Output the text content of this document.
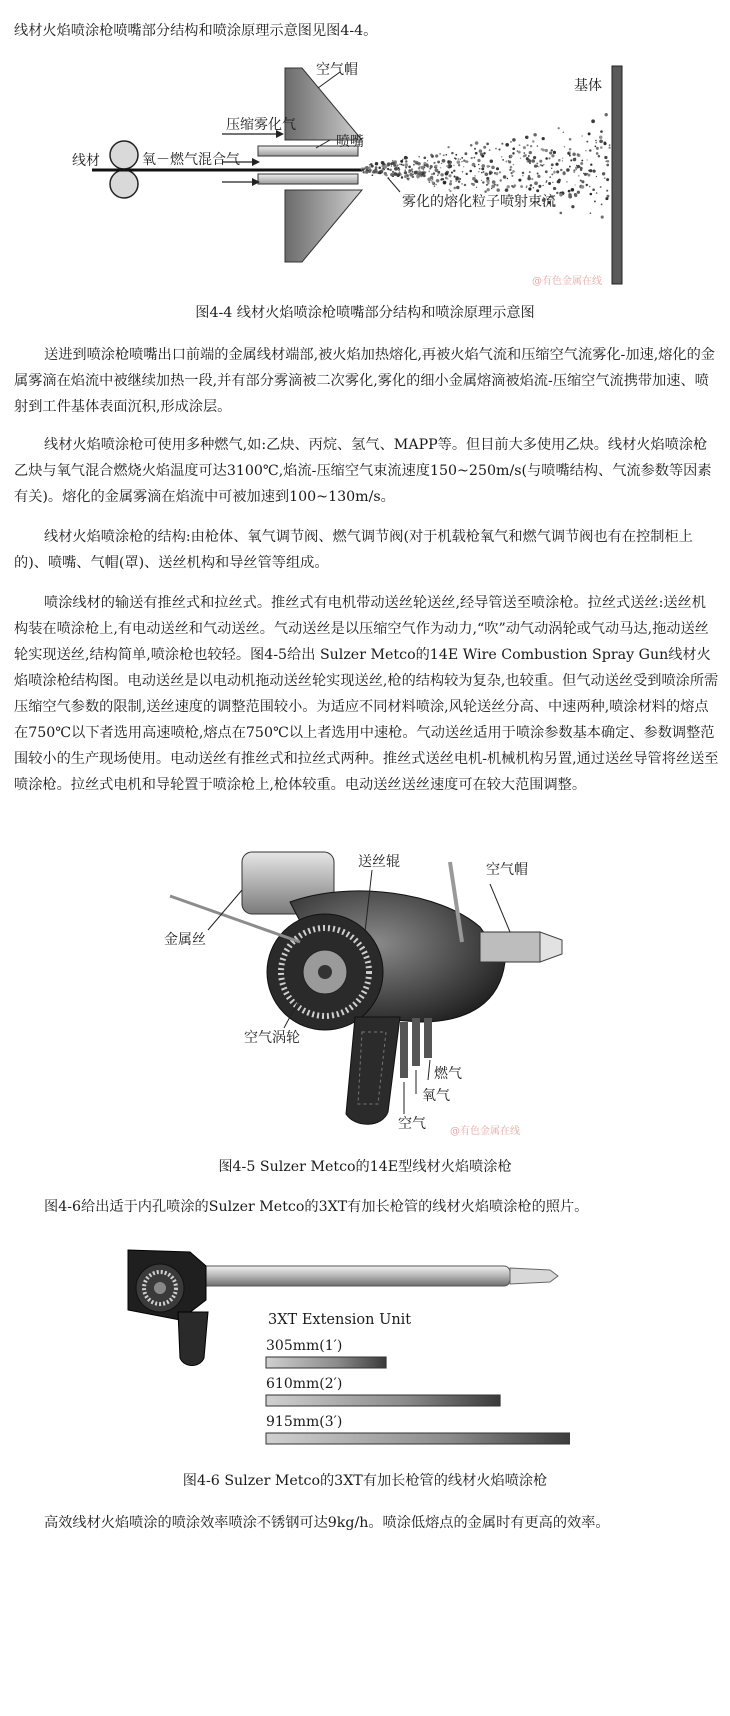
线材火焰喷涂枪喷嘴部分结构和喷涂原理示意图见图4-4。

空气帽
压缩雾化气
喷嘴
线材	氧－燃气混合气
基体
雾化的熔化粒子喷射束流
@有色金属在线
图4-4 线材火焰喷涂枪喷嘴部分结构和喷涂原理示意图

送进到喷涂枪喷嘴出口前端的金属线材端部,被火焰加热熔化,再被火焰气流和压缩空气流雾化-加速,熔化的金属雾滴在焰流中被继续加热一段,并有部分雾滴被二次雾化,雾化的细小金属熔滴被焰流-压缩空气流携带加速、喷射到工件基体表面沉积,形成涂层。

线材火焰喷涂枪可使用多种燃气,如:乙炔、丙烷、氢气、MAPP等。但目前大多使用乙炔。线材火焰喷涂枪乙炔与氧气混合燃烧火焰温度可达3100℃,焰流-压缩空气束流速度150~250m/s(与喷嘴结构、气流参数等因素有关)。熔化的金属雾滴在焰流中可被加速到100~130m/s。

线材火焰喷涂枪的结构:由枪体、氧气调节阀、燃气调节阀(对于机载枪氧气和燃气调节阀也有在控制柜上的)、喷嘴、气帽(罩)、送丝机构和导丝管等组成。

喷涂线材的输送有推丝式和拉丝式。推丝式有电机带动送丝轮送丝,经导管送至喷涂枪。拉丝式送丝:送丝机构装在喷涂枪上,有电动送丝和气动送丝。气动送丝是以压缩空气作为动力,“吹”动气动涡轮或气动马达,拖动送丝轮实现送丝,结构简单,喷涂枪也较轻。图4-5给出 Sulzer Metco的14E Wire Combustion Spray Gun线材火焰喷涂枪结构图。电动送丝是以电动机拖动送丝轮实现送丝,枪的结构较为复杂,也较重。但气动送丝受到喷涂所需压缩空气参数的限制,送丝速度的调整范围较小。为适应不同材料喷涂,风轮送丝分高、中速两种,喷涂材料的熔点在750℃以下者选用高速喷枪,熔点在750℃以上者选用中速枪。气动送丝适用于喷涂参数基本确定、参数调整范围较小的生产现场使用。电动送丝有推丝式和拉丝式两种。推丝式送丝电机-机械机构另置,通过送丝导管将丝送至喷涂枪。拉丝式电机和导轮置于喷涂枪上,枪体较重。电动送丝送丝速度可在较大范围调整。

送丝辊	空气帽
金属丝
空气涡轮
燃气
氧气
空气 @有色金属在线
图4-5 Sulzer Metco的14E型线材火焰喷涂枪

图4-6给出适于内孔喷涂的Sulzer Metco的3XT有加长枪管的线材火焰喷涂枪的照片。

3XT Extension Unit
305mm(1′)
610mm(2′)
915mm(3′)
图4-6 Sulzer Metco的3XT有加长枪管的线材火焰喷涂枪

高效线材火焰喷涂的喷涂效率喷涂不锈钢可达9kg/h。喷涂低熔点的金属时有更高的效率。
